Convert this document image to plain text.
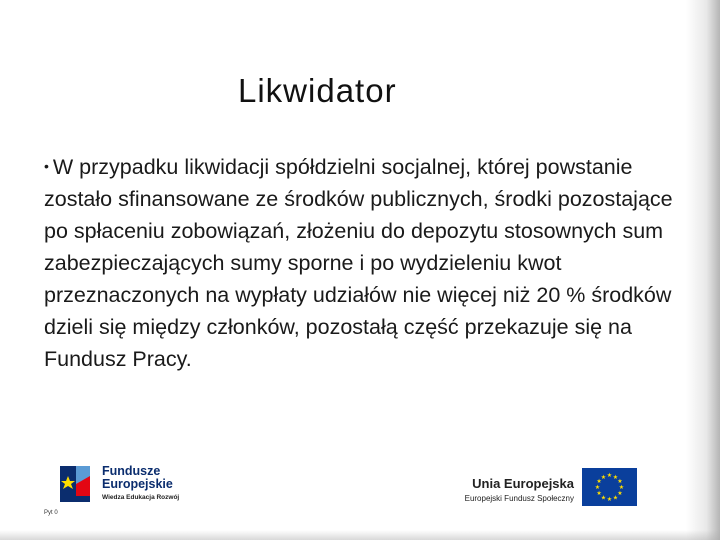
Likwidator
• W przypadku likwidacji spółdzielni socjalnej, której powstanie zostało sfinansowane ze środków publicznych, środki pozostające po spłaceniu zobowiązań, złożeniu do depozytu stosownych sum zabezpieczających sumy sporne i po wydzieleniu kwot przeznaczonych na wypłaty udziałów nie więcej niż 20 % środków dzieli się między członków, pozostałą część przekazuje się na Fundusz Pracy.
Fundusze
Europejskie
Wiedza Edukacja Rozwój
Pyt 0
Unia Europejska
Europejski Fundusz Społeczny
★ ★
★
★
★
★
★
★
★
★
★
★
